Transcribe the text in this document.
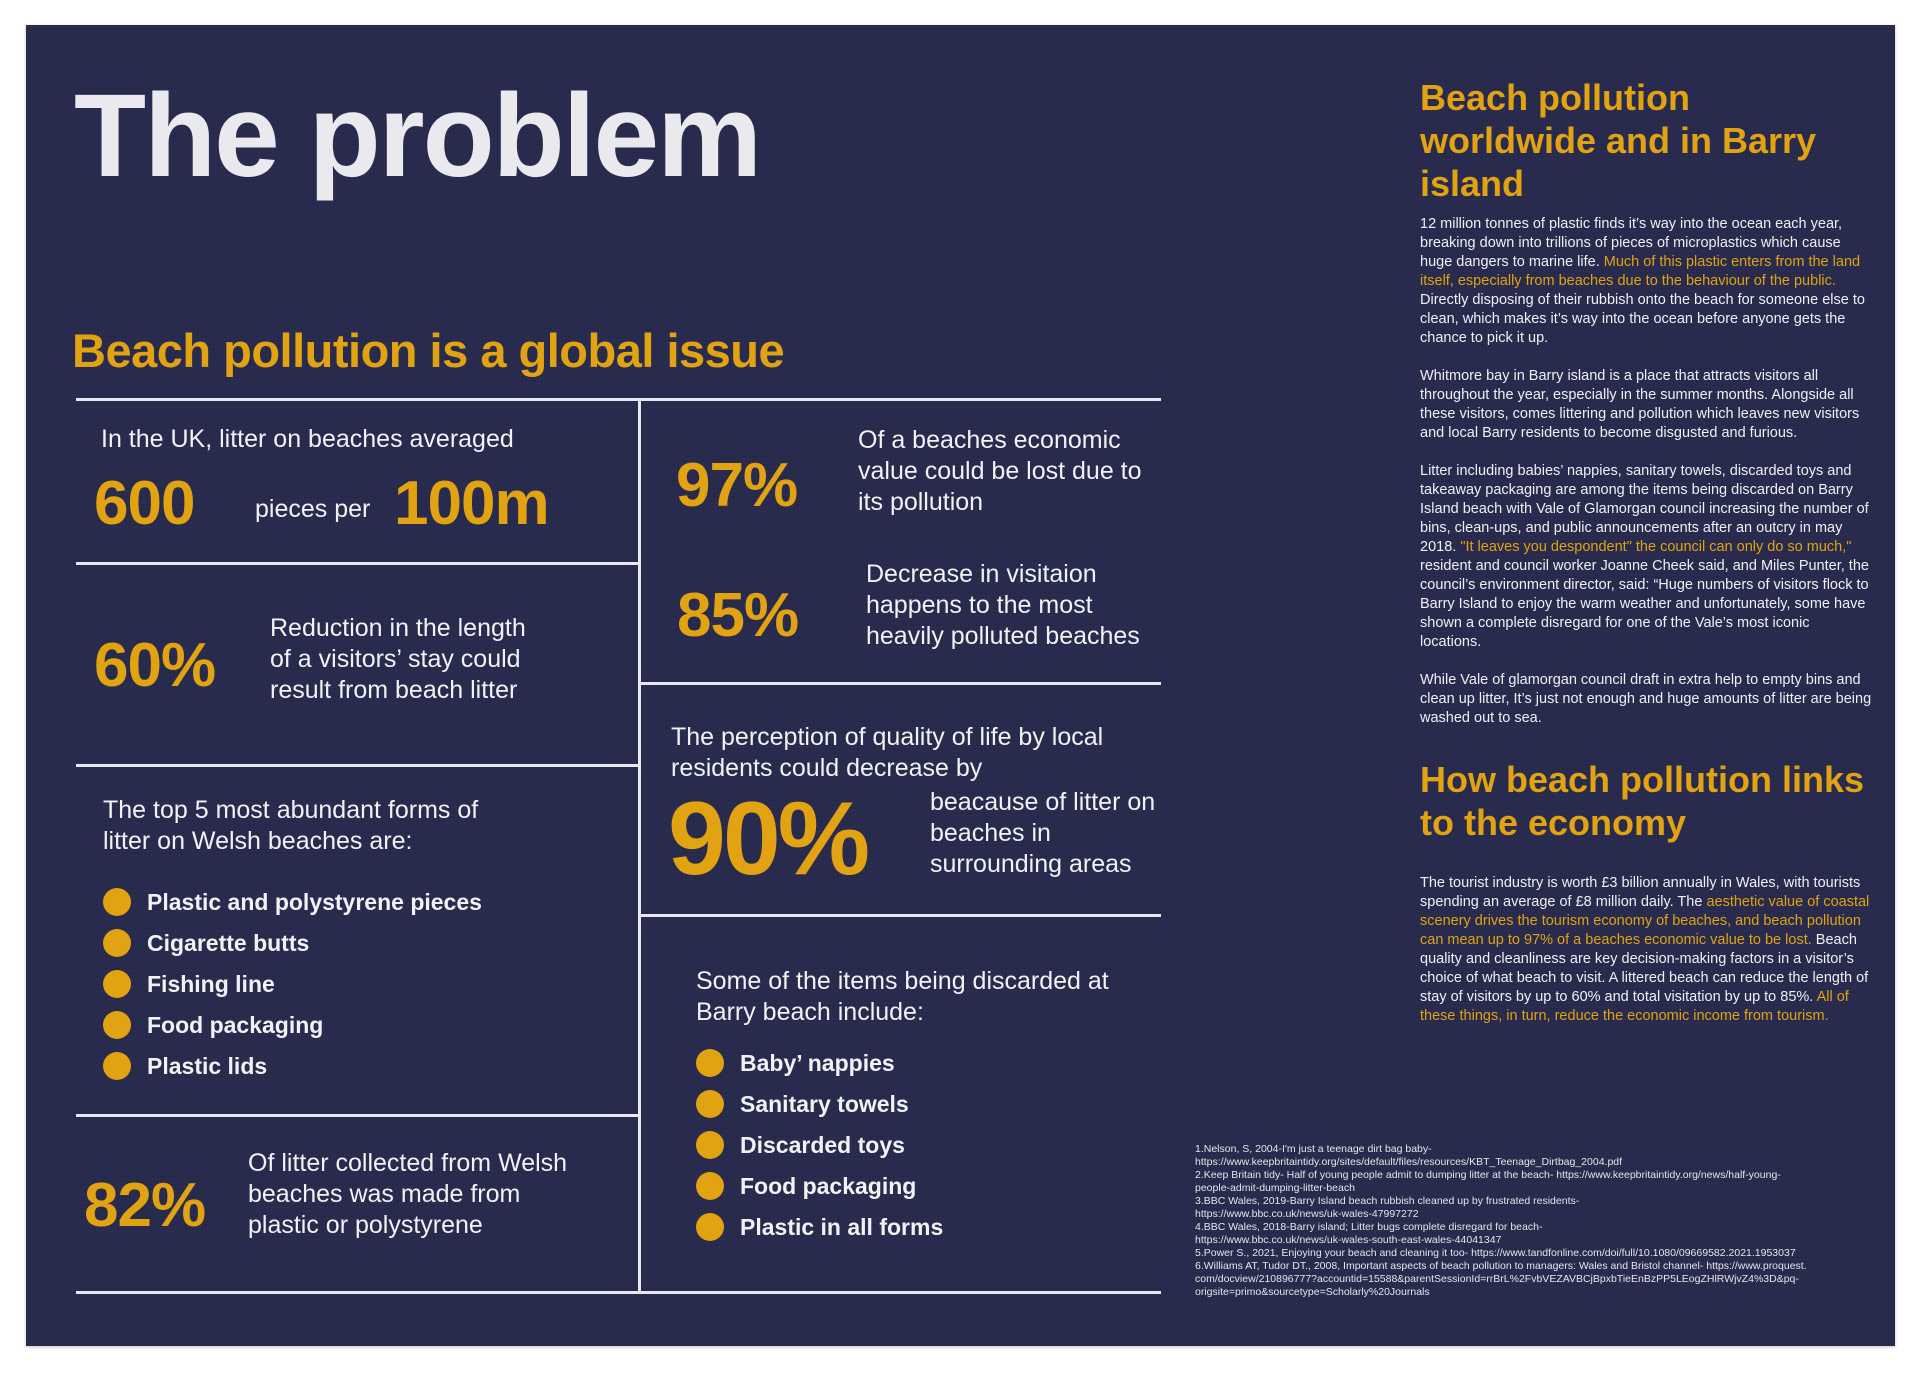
The problem
Beach pollution is a global issue
In the UK, litter on beaches averaged
600 pieces per 100m
60%
Reduction in the length of a visitors’ stay could result from beach litter
97%
Of a beaches economic value could be lost due to its pollution
85%
Decrease in visitaion happens to the most heavily polluted beaches
The perception of quality of life by local residents could decrease by
90%	beacause of litter on beaches in surrounding areas
The top 5 most abundant forms of litter on Welsh beaches are:
Plastic and polystyrene pieces
Cigarette butts
Fishing line
Food packaging
Plastic lids
Some of the items being discarded at Barry beach include:
Baby’ nappies
Sanitary towels
Discarded toys
Food packaging
Plastic in all forms
82%
Of litter collected from Welsh beaches was made from plastic or polystyrene
Beach pollution worldwide and in Barry island

12 million tonnes of plastic finds it’s way into the ocean each year, breaking down into trillions of pieces of microplastics which cause huge dangers to marine life. Much of this plastic enters from the land itself, especially from beaches due to the behaviour of the public. Directly disposing of their rubbish onto the beach for someone else to clean, which makes it’s way into the ocean before anyone gets the chance to pick it up.

Whitmore bay in Barry island is a place that attracts visitors all throughout the year, especially in the summer months. Alongside all these visitors, comes littering and pollution which leaves new visitors and local Barry residents to become disgusted and furious.

Litter including babies’ nappies, sanitary towels, discarded toys and takeaway packaging are among the items being discarded on Barry Island beach with Vale of Glamorgan council increasing the number of bins, clean-ups, and public announcements after an outcry in may 2018. "It leaves you despondent" the council can only do so much," resident and council worker Joanne Cheek said, and Miles Punter, the council’s environment director, said: “Huge numbers of visitors flock to Barry Island to enjoy the warm weather and unfortunately, some have shown a complete disregard for one of the Vale’s most iconic locations.

While Vale of glamorgan council draft in extra help to empty bins and clean up litter, It’s just not enough and huge amounts of litter are being washed out to sea.

How beach pollution links to the economy

The tourist industry is worth £3 billion annually in Wales, with tourists spending an average of £8 million daily. The aesthetic value of coastal scenery drives the tourism economy of beaches, and beach pollution can mean up to 97% of a beaches economic value to be lost. Beach quality and cleanliness are key decision-making factors in a visitor’s choice of what beach to visit. A littered beach can reduce the length of stay of visitors by up to 60% and total visitation by up to 85%. All of these things, in turn, reduce the economic income from tourism.

1.Nelson, S, 2004-I'm just a teenage dirt bag baby-
https://www.keepbritaintidy.org/sites/default/files/resources/KBT_Teenage_Dirtbag_2004.pdf
2.Keep Britain tidy- Half of young people admit to dumping litter at the beach- https://www.keepbritaintidy.org/news/half-young-
people-admit-dumping-litter-beach
3.BBC Wales, 2019-Barry Island beach rubbish cleaned up by frustrated residents-
https://www.bbc.co.uk/news/uk-wales-47997272
4.BBC Wales, 2018-Barry island; Litter bugs complete disregard for beach-
https://www.bbc.co.uk/news/uk-wales-south-east-wales-44041347
5.Power S., 2021, Enjoying your beach and cleaning it too- https://www.tandfonline.com/doi/full/10.1080/09669582.2021.1953037
6.Williams AT, Tudor DT., 2008, Important aspects of beach pollution to managers: Wales and Bristol channel- https://www.proquest.
com/docview/210896777?accountid=15588&parentSessionId=rrBrL%2FvbVEZAVBCjBpxbTieEnBzPP5LEogZHlRWjvZ4%3D&pq-
origsite=primo&sourcetype=Scholarly%20Journals
